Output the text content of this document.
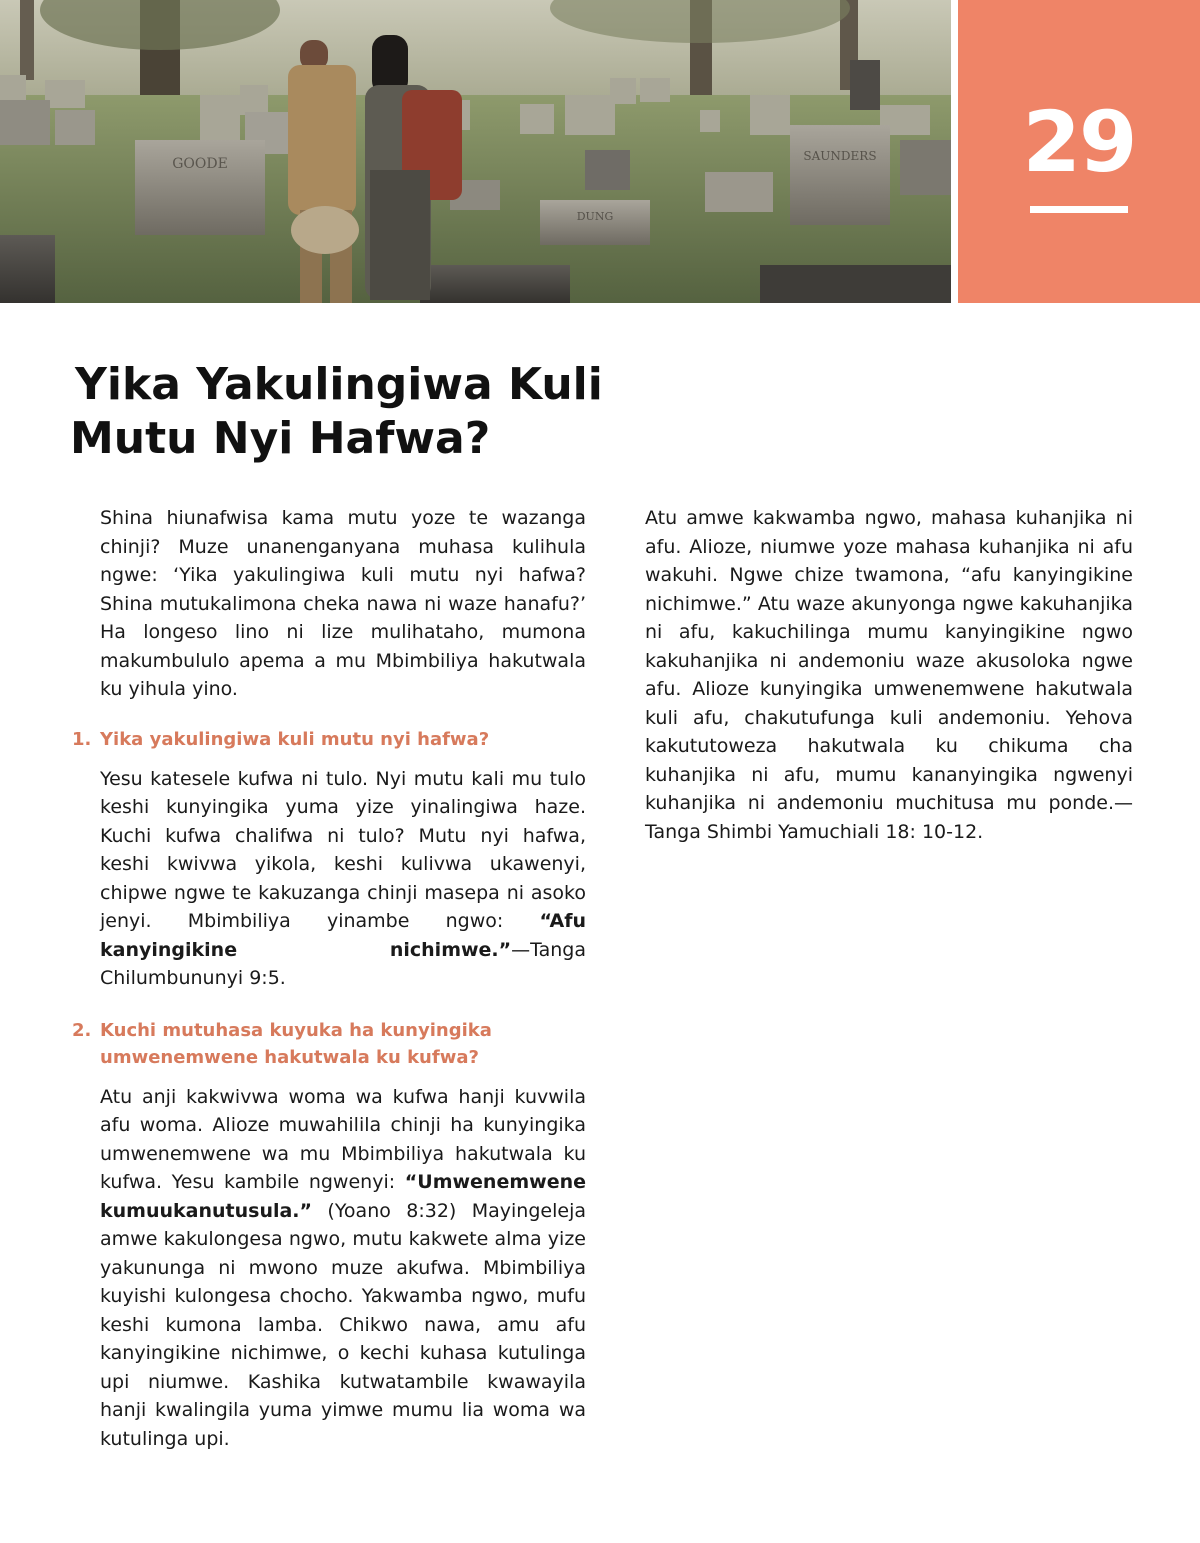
GOODE	SAUNDERS
DUNG
29
Yika Yakulingiwa Kuli
Mutu Nyi Hafwa?

Shina hiunafwisa kama mutu yoze te wazanga chinji? Muze unanenganyana muhasa kulihula ngwe: ‘Yika yakulingiwa kuli mutu nyi hafwa? Shina mutukalimona cheka nawa ni waze hanafu?’ Ha longeso lino ni lize mulihataho, mumona makumbululo apema a mu Mbimbiliya hakutwala ku yihula yino.

1. Yika yakulingiwa kuli mutu nyi hafwa?

Yesu katesele kufwa ni tulo. Nyi mutu kali mu tulo keshi kunyingika yuma yize yinalingiwa haze. Kuchi kufwa chalifwa ni tulo? Mutu nyi hafwa, keshi kwivwa yikola, keshi kulivwa ukawenyi, chipwe ngwe te kakuzanga chinji masepa ni asoko jenyi. Mbimbiliya yinambe ngwo: “Afu kanyingikine nichimwe.”—Tanga Chilumbununyi 9:5.

2. Kuchi mutuhasa kuyuka ha kunyingika umwenemwene hakutwala ku kufwa?

Atu anji kakwivwa woma wa kufwa hanji kuvwila afu woma. Alioze muwahilila chinji ha kunyingika umwenemwene wa mu Mbimbiliya hakutwala ku kufwa. Yesu kambile ngwenyi: “Umwenemwene kumuukanutusula.” (Yoano 8:32) Mayingeleja amwe kakulongesa ngwo, mutu kakwete alma yize yakununga ni mwono muze akufwa. Mbimbiliya kuyishi kulongesa chocho. Yakwamba ngwo, mufu keshi kumona lamba. Chikwo nawa, amu afu kanyingikine nichimwe, o kechi kuhasa kutulinga upi niumwe. Kashika kutwatambile kwawayila hanji kwalingila yuma yimwe mumu lia woma wa kutulinga upi.

Atu amwe kakwamba ngwo, mahasa kuhanjika ni afu. Alioze, niumwe yoze mahasa kuhanjika ni afu wakuhi. Ngwe chize twamona, “afu kanyingikine nichimwe.” Atu waze akunyonga ngwe kakuhanjika ni afu, kakuchilinga mumu kanyingikine ngwo kakuhanjika ni andemoniu waze akusoloka ngwe afu. Alioze kunyingika umwenemwene hakutwala kuli afu, chakutufunga kuli andemoniu. Yehova kakututoweza hakutwala ku chikuma cha kuhanjika ni afu, mumu kananyingika ngwenyi kuhanjika ni andemoniu muchitusa mu ponde.—Tanga Shimbi Yamuchiali 18: 10-12.
